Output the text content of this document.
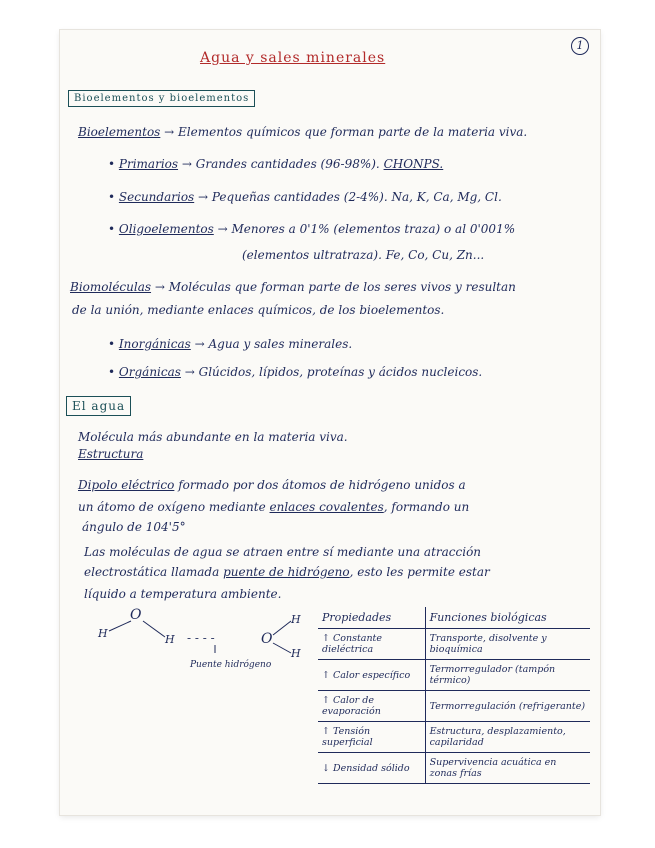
Agua y sales minerales
1
Bioelementos y bioelementos
Bioelementos → Elementos químicos que forman parte de la materia viva.
• Primarios → Grandes cantidades (96-98%). CHONPS.
• Secundarios → Pequeñas cantidades (2-4%). Na, K, Ca, Mg, Cl.
• Oligoelementos → Menores a 0'1% (elementos traza) o al 0'001%
(elementos ultratraza). Fe, Co, Cu, Zn...
Biomoléculas → Moléculas que forman parte de los seres vivos y resultan
de la unión, mediante enlaces químicos, de los bioelementos.
• Inorgánicas → Agua y sales minerales.
• Orgánicas → Glúcidos, lípidos, proteínas y ácidos nucleicos.
El agua
Molécula más abundante en la materia viva.
Estructura
Dipolo eléctrico formado por dos átomos de hidrógeno unidos a
un átomo de oxígeno mediante enlaces covalentes, formando un
ángulo de 104'5°
Las moléculas de agua se atraen entre sí mediante una atracción
electrostática llamada puente de hidrógeno, esto les permite estar
líquido a temperatura ambiente.
O
H	H - - - -	O
H
H
Puente hidrógeno
Propiedades	Funciones biológicas
↑ Constante dieléctrica	Transporte, disolvente y bioquímica
↑ Calor específico	Termorregulador (tampón térmico)
↑ Calor de evaporación	Termorregulación (refrigerante)
↑ Tensión superficial	Estructura, desplazamiento, capilaridad
↓ Densidad sólido	Supervivencia acuática en zonas frías
